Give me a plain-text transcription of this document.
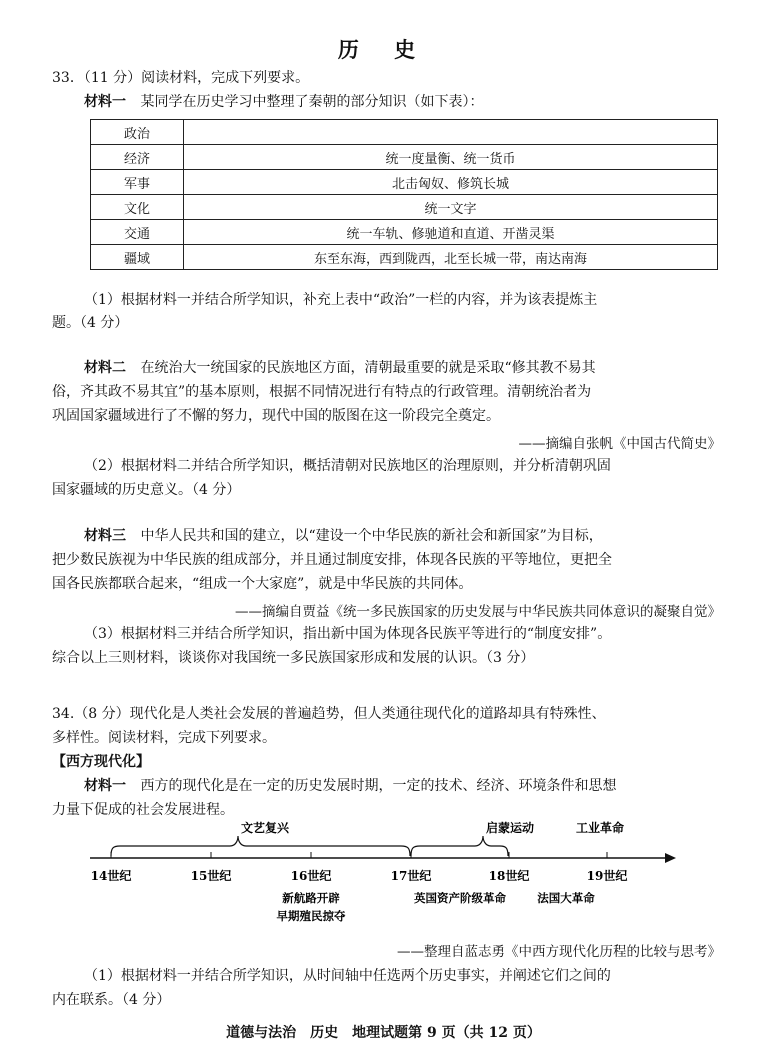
历 史
33．（11 分）阅读材料，完成下列要求。
材料一 某同学在历史学习中整理了秦朝的部分知识（如下表）：
政治	
经济	统一度量衡、统一货币
军事	北击匈奴、修筑长城
文化	统一文字
交通	统一车轨、修驰道和直道、开凿灵渠
疆域	东至东海，西到陇西，北至长城一带，南达南海
（1）根据材料一并结合所学知识，补充上表中“政治”一栏的内容，并为该表提炼主
题。（4 分）
材料二 在统治大一统国家的民族地区方面，清朝最重要的就是采取“修其教不易其
俗，齐其政不易其宜”的基本原则，根据不同情况进行有特点的行政管理。清朝统治者为
巩固国家疆域进行了不懈的努力，现代中国的版图在这一阶段完全奠定。
——摘编自张帆《中国古代简史》
（2）根据材料二并结合所学知识，概括清朝对民族地区的治理原则，并分析清朝巩固
国家疆域的历史意义。（4 分）
材料三 中华人民共和国的建立，以“建设一个中华民族的新社会和新国家”为目标，
把少数民族视为中华民族的组成部分，并且通过制度安排，体现各民族的平等地位，更把全
国各民族都联合起来，“组成一个大家庭”，就是中华民族的共同体。
——摘编自贾益《统一多民族国家的历史发展与中华民族共同体意识的凝聚自觉》
（3）根据材料三并结合所学知识，指出新中国为体现各民族平等进行的“制度安排”。
综合以上三则材料，谈谈你对我国统一多民族国家形成和发展的认识。（3 分）
34.（8 分）现代化是人类社会发展的普遍趋势，但人类通往现代化的道路却具有特殊性、
多样性。阅读材料，完成下列要求。
【西方现代化】
材料一 西方的现代化是在一定的历史发展时期，一定的技术、经济、环境条件和思想
力量下促成的社会发展进程。
文艺复兴	启蒙运动	工业革命
14世纪	15世纪	16世纪	17世纪	18世纪	19世纪
新航路开辟
早期殖民掠夺
英国资产阶级革命	法国大革命
——整理自蓝志勇《中西方现代化历程的比较与思考》
（1）根据材料一并结合所学知识，从时间轴中任选两个历史事实，并阐述它们之间的
内在联系。（4 分）
道德与法治　历史　地理试题第 9 页（共 12 页）
